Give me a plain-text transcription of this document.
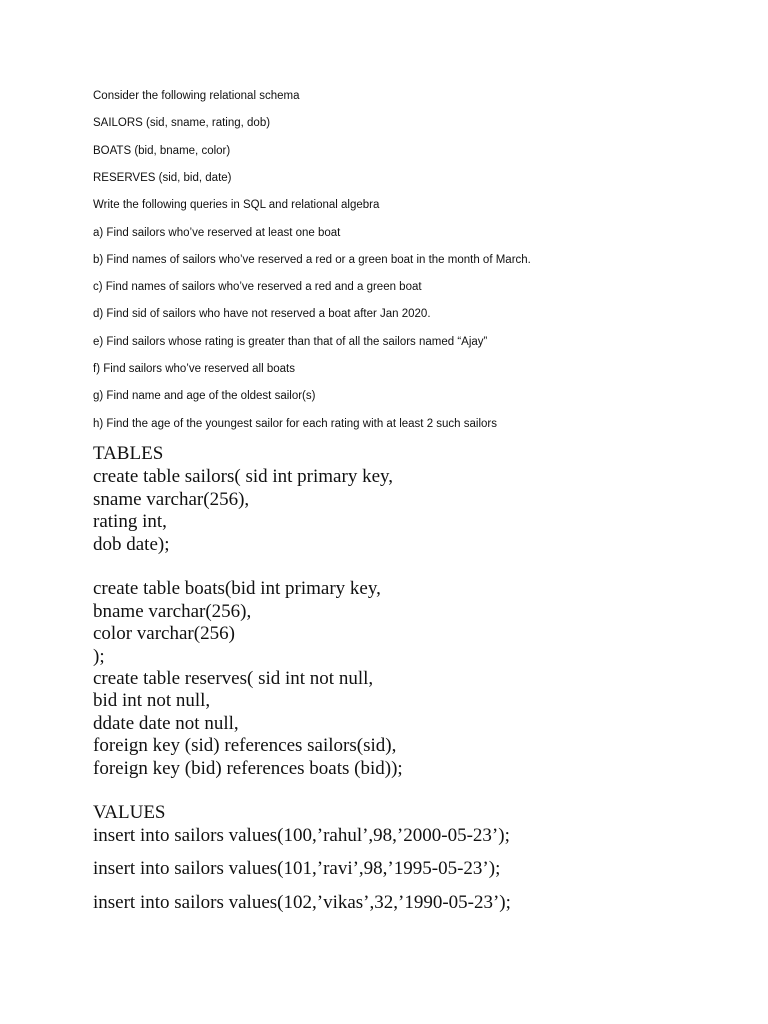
Consider the following relational schema
SAILORS (sid, sname, rating, dob)
BOATS (bid, bname, color)
RESERVES (sid, bid, date)
Write the following queries in SQL and relational algebra
a) Find sailors who’ve reserved at least one boat
b) Find names of sailors who’ve reserved a red or a green boat in the month of March.
c) Find names of sailors who’ve reserved a red and a green boat
d) Find sid of sailors who have not reserved a boat after Jan 2020.
e) Find sailors whose rating is greater than that of all the sailors named “Ajay”
f) Find sailors who’ve reserved all boats
g) Find name and age of the oldest sailor(s)
h) Find the age of the youngest sailor for each rating with at least 2 such sailors
TABLES
create table sailors( sid int primary key,
sname varchar(256),
rating int,
dob date);
create table boats(bid int primary key,
bname varchar(256),
color varchar(256)
);
create table reserves( sid int not null,
bid int not null,
ddate date not null,
foreign key (sid) references sailors(sid),
foreign key (bid) references boats (bid));
VALUES
insert into sailors values(100,’rahul’,98,’2000-05-23’);
insert into sailors values(101,’ravi’,98,’1995-05-23’);
insert into sailors values(102,’vikas’,32,’1990-05-23’);
